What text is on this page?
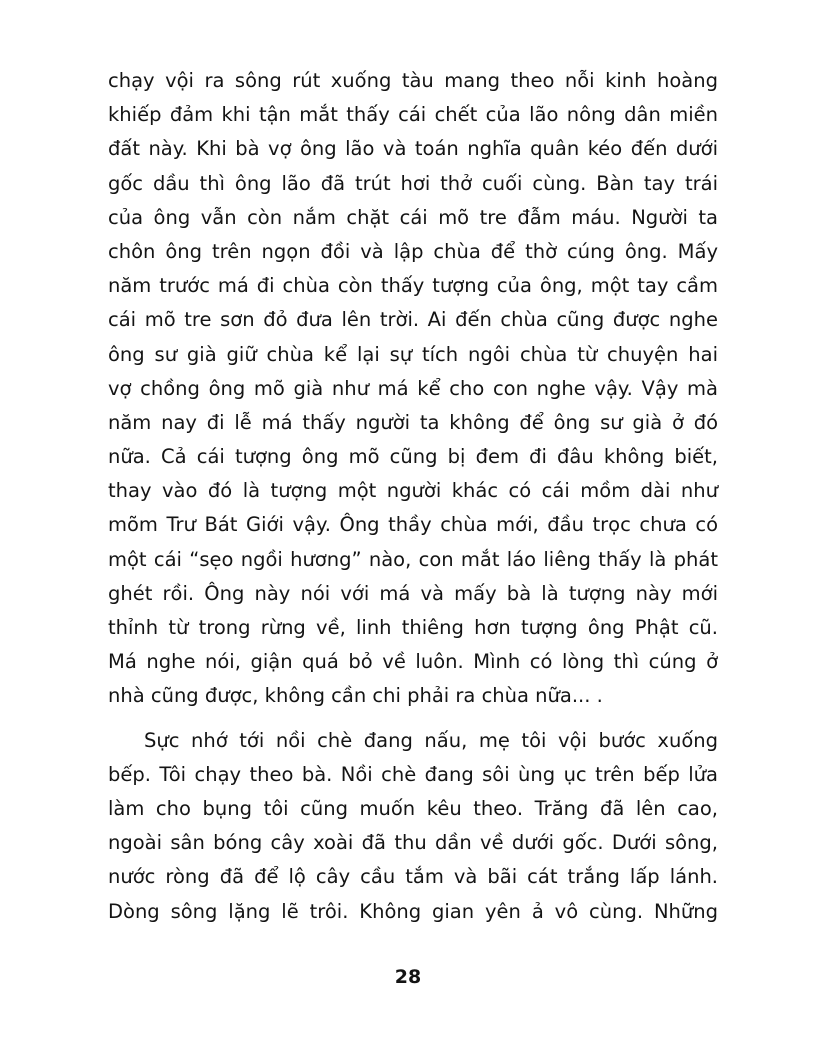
chạy vội ra sông rút xuống tàu mang theo nỗi kinh hoàng
khiếp đảm khi tận mắt thấy cái chết của lão nông dân miền
đất này. Khi bà vợ ông lão và toán nghĩa quân kéo đến dưới
gốc dầu thì ông lão đã trút hơi thở cuối cùng. Bàn tay trái
của ông vẫn còn nắm chặt cái mõ tre đẫm máu. Người ta
chôn ông trên ngọn đồi và lập chùa để thờ cúng ông. Mấy
năm trước má đi chùa còn thấy tượng của ông, một tay cầm
cái mõ tre sơn đỏ đưa lên trời. Ai đến chùa cũng được nghe
ông sư già giữ chùa kể lại sự tích ngôi chùa từ chuyện hai
vợ chồng ông mõ già như má kể cho con nghe vậy. Vậy mà
năm nay đi lễ má thấy người ta không để ông sư già ở đó
nữa. Cả cái tượng ông mõ cũng bị đem đi đâu không biết,
thay vào đó là tượng một người khác có cái mồm dài như
mõm Trư Bát Giới vậy. Ông thầy chùa mới, đầu trọc chưa có
một cái “sẹo ngồi hương” nào, con mắt láo liêng thấy là phát
ghét rồi. Ông này nói với má và mấy bà là tượng này mới
thỉnh từ trong rừng về, linh thiêng hơn tượng ông Phật cũ.
Má nghe nói, giận quá bỏ về luôn. Mình có lòng thì cúng ở
nhà cũng được, không cần chi phải ra chùa nữa... .
Sực nhớ tới nồi chè đang nấu, mẹ tôi vội bước xuống
bếp. Tôi chạy theo bà. Nồi chè đang sôi ùng ục trên bếp lửa
làm cho bụng tôi cũng muốn kêu theo. Trăng đã lên cao,
ngoài sân bóng cây xoài đã thu dần về dưới gốc. Dưới sông,
nước ròng đã để lộ cây cầu tắm và bãi cát trắng lấp lánh.
Dòng sông lặng lẽ trôi. Không gian yên ả vô cùng. Những
28
